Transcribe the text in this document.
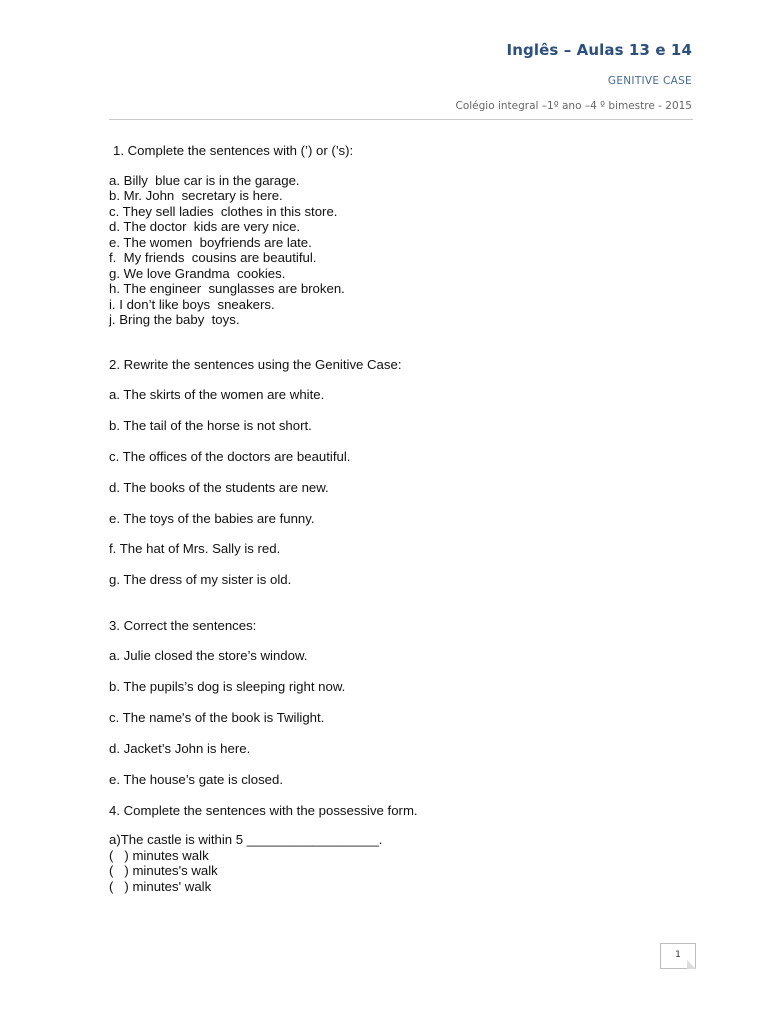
Inglês – Aulas 13 e 14
GENITIVE CASE
Colégio integral –1º ano –4 º bimestre - 2015
1. Complete the sentences with (’) or (’s):
a. Billy  blue car is in the garage.
b. Mr. John  secretary is here.
c. They sell ladies  clothes in this store.
d. The doctor  kids are very nice.
e. The women  boyfriends are late.
f.  My friends  cousins are beautiful.
g. We love Grandma  cookies.
h. The engineer  sunglasses are broken.
i. I don’t like boys  sneakers.
j. Bring the baby  toys.
2. Rewrite the sentences using the Genitive Case:
a. The skirts of the women are white.
b. The tail of the horse is not short.
c. The offices of the doctors are beautiful.
d. The books of the students are new.
e. The toys of the babies are funny.
f. The hat of Mrs. Sally is red.
g. The dress of my sister is old.
3. Correct the sentences:
a. Julie closed the store’s window.
b. The pupils’s dog is sleeping right now.
c. The name's of the book is Twilight.
d. Jacket’s John is here.
e. The house’s gate is closed.
4. Complete the sentences with the possessive form.
a)The castle is within 5 __________________.
(   ) minutes walk
(   ) minutes's walk
(   ) minutes' walk
1
